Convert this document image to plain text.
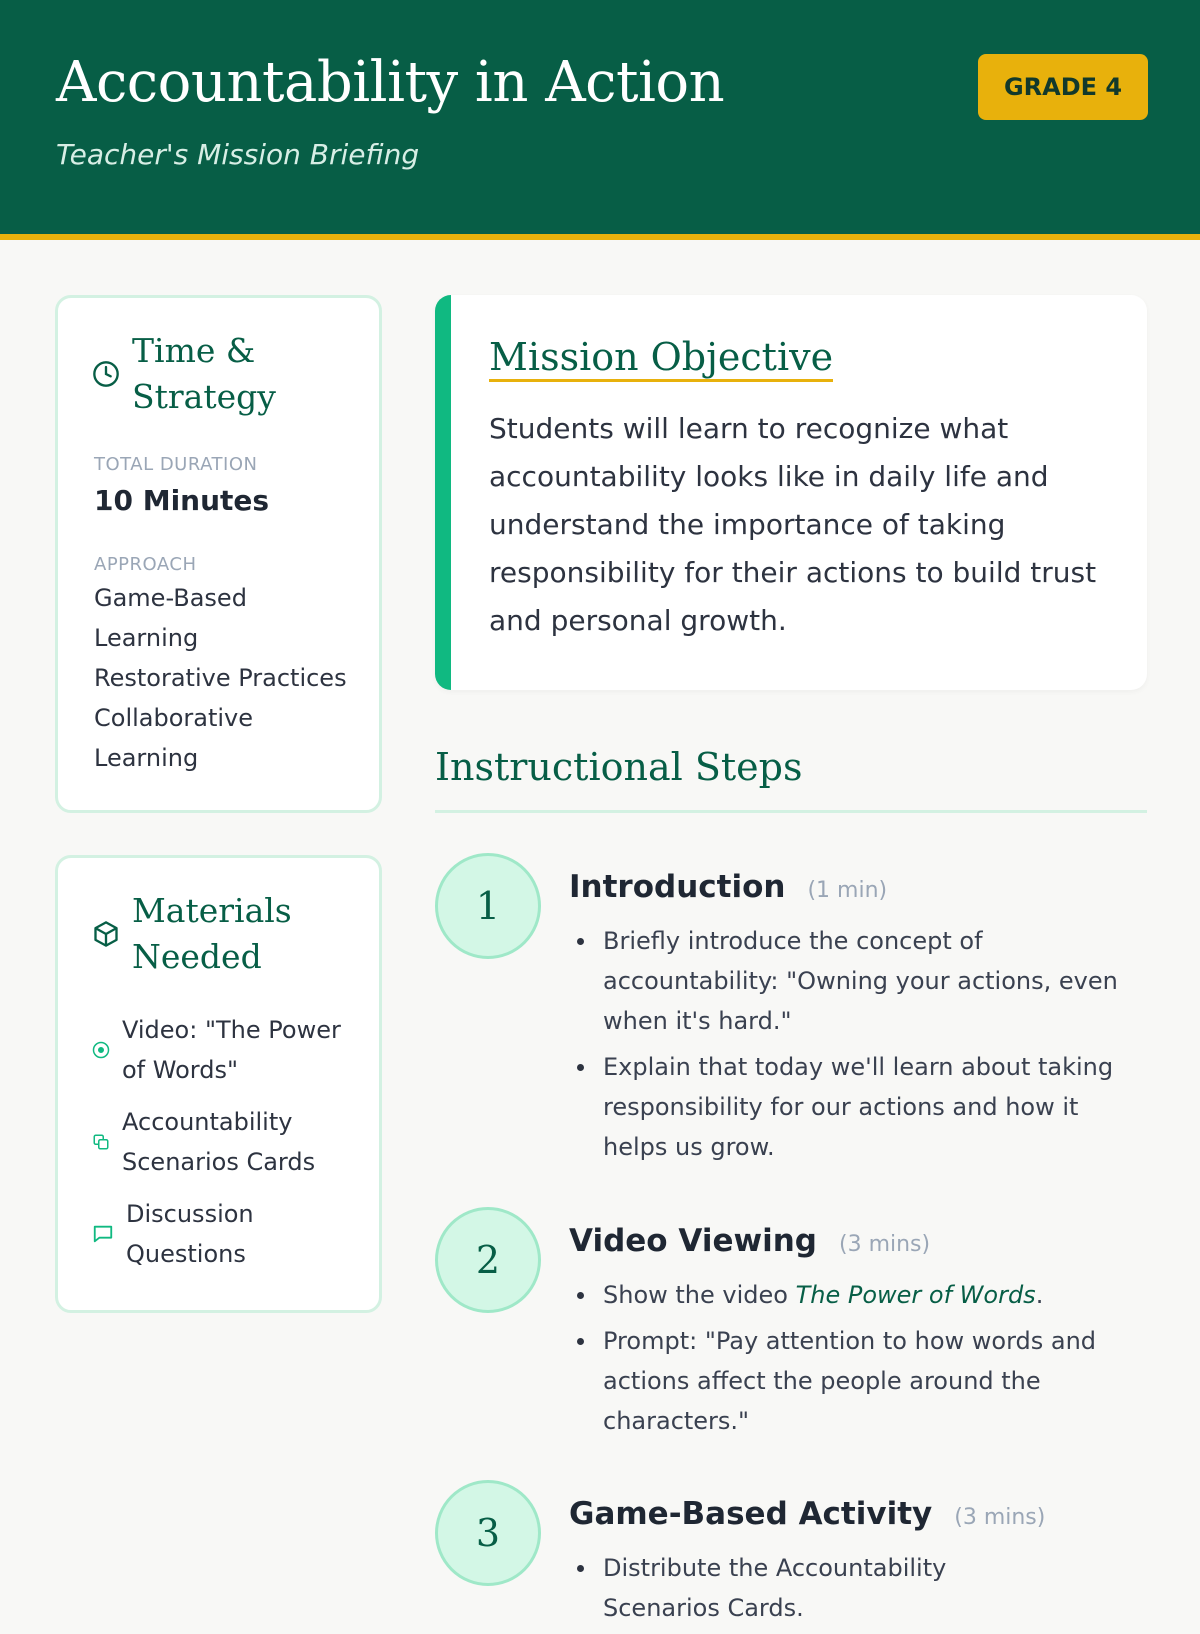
Accountability in Action
Teacher's Mission Briefing
GRADE 4
Time & Strategy
TOTAL DURATION
10 Minutes
APPROACH
Game-Based Learning
Restorative Practices
Collaborative Learning
Materials Needed
Video: "The Power of Words"
Accountability Scenarios Cards
Discussion Questions
Mission Objective

Students will learn to recognize what accountability looks like in daily life and understand the importance of taking responsibility for their actions to build trust and personal growth.

Instructional Steps
1	Introduction (1 min)
Briefly introduce the concept of accountability: "Owning your actions, even when it's hard."
Explain that today we'll learn about taking responsibility for our actions and how it helps us grow.
2	Video Viewing (3 mins)
Show the video The Power of Words.
Prompt: "Pay attention to how words and actions affect the people around the characters."
3	Game-Based Activity (3 mins)
Distribute the Accountability Scenarios Cards.
